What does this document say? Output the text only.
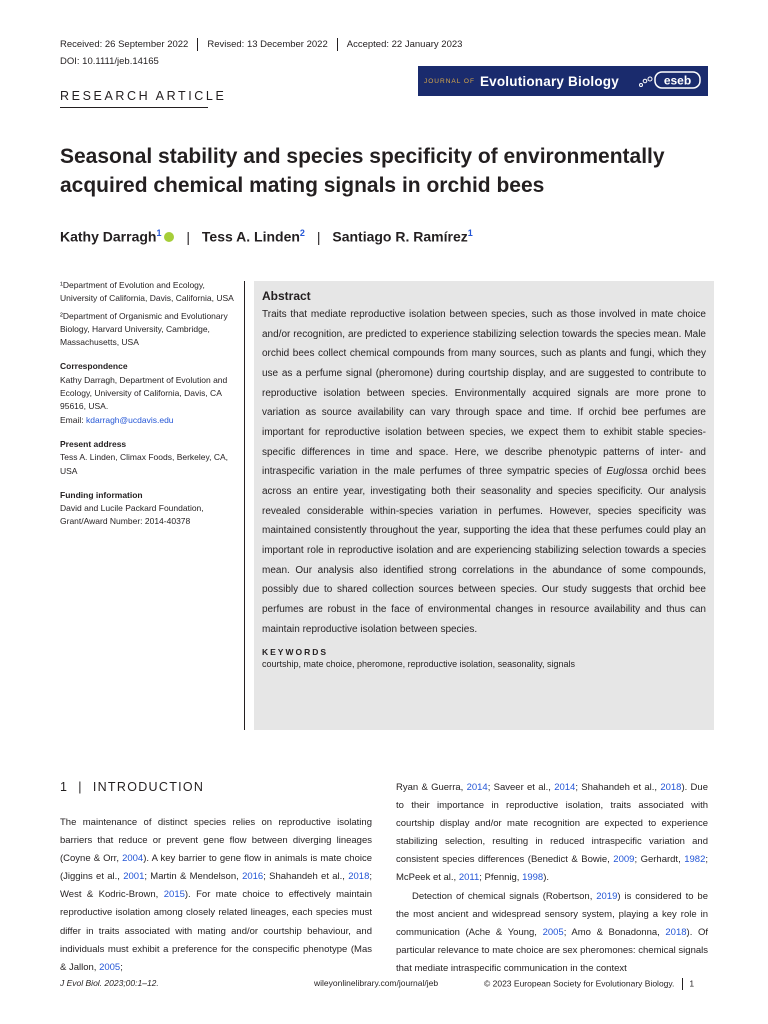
Received: 26 September 2022 Revised: 13 December 2022 Accepted: 22 January 2023
DOI: 10.1111/jeb.14165
JOURNAL OF Evolutionary Biology	eseb
RESEARCH ARTICLE
Seasonal stability and species specificity of environmentally acquired chemical mating signals in orchid bees
Kathy Darragh$^1$ | Tess A. Linden$^2$ | Santiago R. Ramírez$^1$
¹Department of Evolution and Ecology, University of California, Davis, California, USA
²Department of Organismic and Evolutionary Biology, Harvard University, Cambridge, Massachusetts, USA
Correspondence
Kathy Darragh, Department of Evolution and Ecology, University of California, Davis, CA 95616, USA.
Email: kdarragh@ucdavis.edu
Present address
Tess A. Linden, Climax Foods, Berkeley, CA, USA
Funding information
David and Lucile Packard Foundation, Grant/Award Number: 2014-40378
Abstract

Traits that mediate reproductive isolation between species, such as those involved in mate choice and/or recognition, are predicted to experience stabilizing selection towards the species mean. Male orchid bees collect chemical compounds from many sources, such as plants and fungi, which they use as a perfume signal (pheromone) during courtship display, and are suggested to contribute to reproductive isolation between species. Environmentally acquired signals are more prone to variation as source availability can vary through space and time. If orchid bee perfumes are important for reproductive isolation between species, we expect them to exhibit stable species-specific differences in time and space. Here, we describe phenotypic patterns of inter- and intraspecific variation in the male perfumes of three sympatric species of Euglossa orchid bees across an entire year, investigating both their seasonality and species specificity. Our analysis revealed considerable within-species variation in perfumes. However, species specificity was maintained consistently throughout the year, supporting the idea that these perfumes could play an important role in reproductive isolation and are experiencing stabilizing selection towards a species mean. Our analysis also identified strong correlations in the abundance of some compounds, possibly due to shared collection sources between species. Our study suggests that orchid bee perfumes are robust in the face of environmental changes in resource availability and thus can maintain reproductive isolation between species.

KEYWORDS
courtship, mate choice, pheromone, reproductive isolation, seasonality, signals
1 | INTRODUCTION

The maintenance of distinct species relies on reproductive isolating barriers that reduce or prevent gene flow between diverging lineages (Coyne & Orr, 2004). A key barrier to gene flow in animals is mate choice (Jiggins et al., 2001; Martin & Mendelson, 2016; Shahandeh et al., 2018; West & Kodric-Brown, 2015). For mate choice to effectively maintain reproductive isolation among closely related lineages, each species must differ in traits associated with mating and/or courtship behaviour, and individuals must exhibit a preference for the conspecific phenotype (Mas & Jallon, 2005;

Ryan & Guerra, 2014; Saveer et al., 2014; Shahandeh et al., 2018). Due to their importance in reproductive isolation, traits associated with courtship display and/or mate recognition are expected to experience stabilizing selection, resulting in reduced intraspecific variation and consistent species differences (Benedict & Bowie, 2009; Gerhardt, 1982; McPeek et al., 2011; Pfennig, 1998).

Detection of chemical signals (Robertson, 2019) is considered to be the most ancient and widespread sensory system, playing a key role in communication (Ache & Young, 2005; Amo & Bonadonna, 2018). Of particular relevance to mate choice are sex pheromones: chemical signals that mediate intraspecific communication in the context

J Evol Biol. 2023;00:1–12.	wileyonlinelibrary.com/journal/jeb	© 2023 European Society for Evolutionary Biology. 1
